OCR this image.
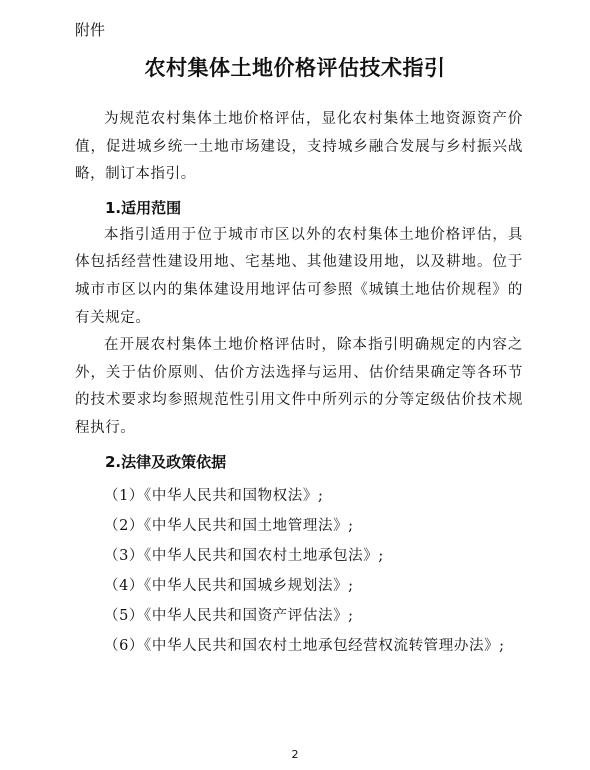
附件
农村集体土地价格评估技术指引

为规范农村集体土地价格评估，显化农村集体土地资源资产价值，促进城乡统一土地市场建设，支持城乡融合发展与乡村振兴战略，制订本指引。

1.适用范围

本指引适用于位于城市市区以外的农村集体土地价格评估，具体包括经营性建设用地、宅基地、其他建设用地，以及耕地。位于城市市区以内的集体建设用地评估可参照《城镇土地估价规程》的有关规定。

在开展农村集体土地价格评估时，除本指引明确规定的内容之外，关于估价原则、估价方法选择与运用、估价结果确定等各环节的技术要求均参照规范性引用文件中所列示的分等定级估价技术规程执行。

2.法律及政策依据
（1）《中华人民共和国物权法》;
（2）《中华人民共和国土地管理法》;
（3）《中华人民共和国农村土地承包法》;
（4）《中华人民共和国城乡规划法》;
（5）《中华人民共和国资产评估法》;
（6）《中华人民共和国农村土地承包经营权流转管理办法》;
2
